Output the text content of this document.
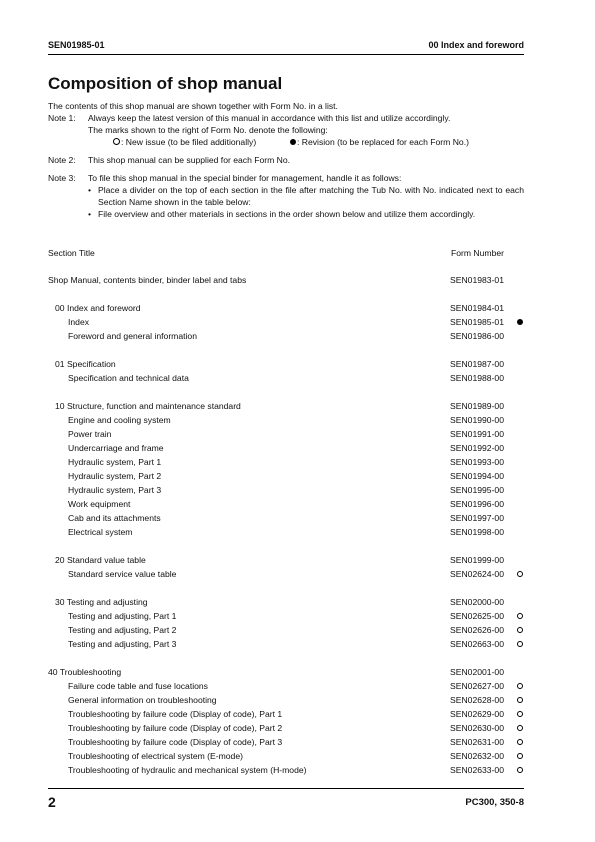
SEN01985-01	00 Index and foreword
Composition of shop manual
The contents of this shop manual are shown together with Form No. in a list.
Note 1: Always keep the latest version of this manual in accordance with this list and utilize accordingly.
The marks shown to the right of Form No. denote the following:
: New issue (to be filed additionally)	: Revision (to be replaced for each Form No.)
Note 2: This shop manual can be supplied for each Form No.
Note 3: To file this shop manual in the special binder for management, handle it as follows:
• Place a divider on the top of each section in the file after matching the Tub No. with No. indicated next to each Section Name shown in the table below:
• File overview and other materials in sections in the order shown below and utilize them accordingly.
Section Title	Form Number
Shop Manual, contents binder, binder label and tabs	SEN01983-01
00 Index and foreword	SEN01984-01
Index	SEN01985-01
Foreword and general information	SEN01986-00
01 Specification	SEN01987-00
Specification and technical data	SEN01988-00
10 Structure, function and maintenance standard	SEN01989-00
Engine and cooling system	SEN01990-00
Power train	SEN01991-00
Undercarriage and frame	SEN01992-00
Hydraulic system, Part 1	SEN01993-00
Hydraulic system, Part 2	SEN01994-00
Hydraulic system, Part 3	SEN01995-00
Work equipment	SEN01996-00
Cab and its attachments	SEN01997-00
Electrical system	SEN01998-00
20 Standard value table	SEN01999-00
Standard service value table	SEN02624-00
30 Testing and adjusting	SEN02000-00
Testing and adjusting, Part 1	SEN02625-00
Testing and adjusting, Part 2	SEN02626-00
Testing and adjusting, Part 3	SEN02663-00
40 Troubleshooting	SEN02001-00
Failure code table and fuse locations	SEN02627-00
General information on troubleshooting	SEN02628-00
Troubleshooting by failure code (Display of code), Part 1	SEN02629-00
Troubleshooting by failure code (Display of code), Part 2	SEN02630-00
Troubleshooting by failure code (Display of code), Part 3	SEN02631-00
Troubleshooting of electrical system (E-mode)	SEN02632-00
Troubleshooting of hydraulic and mechanical system (H-mode)	SEN02633-00
2	PC300, 350-8
